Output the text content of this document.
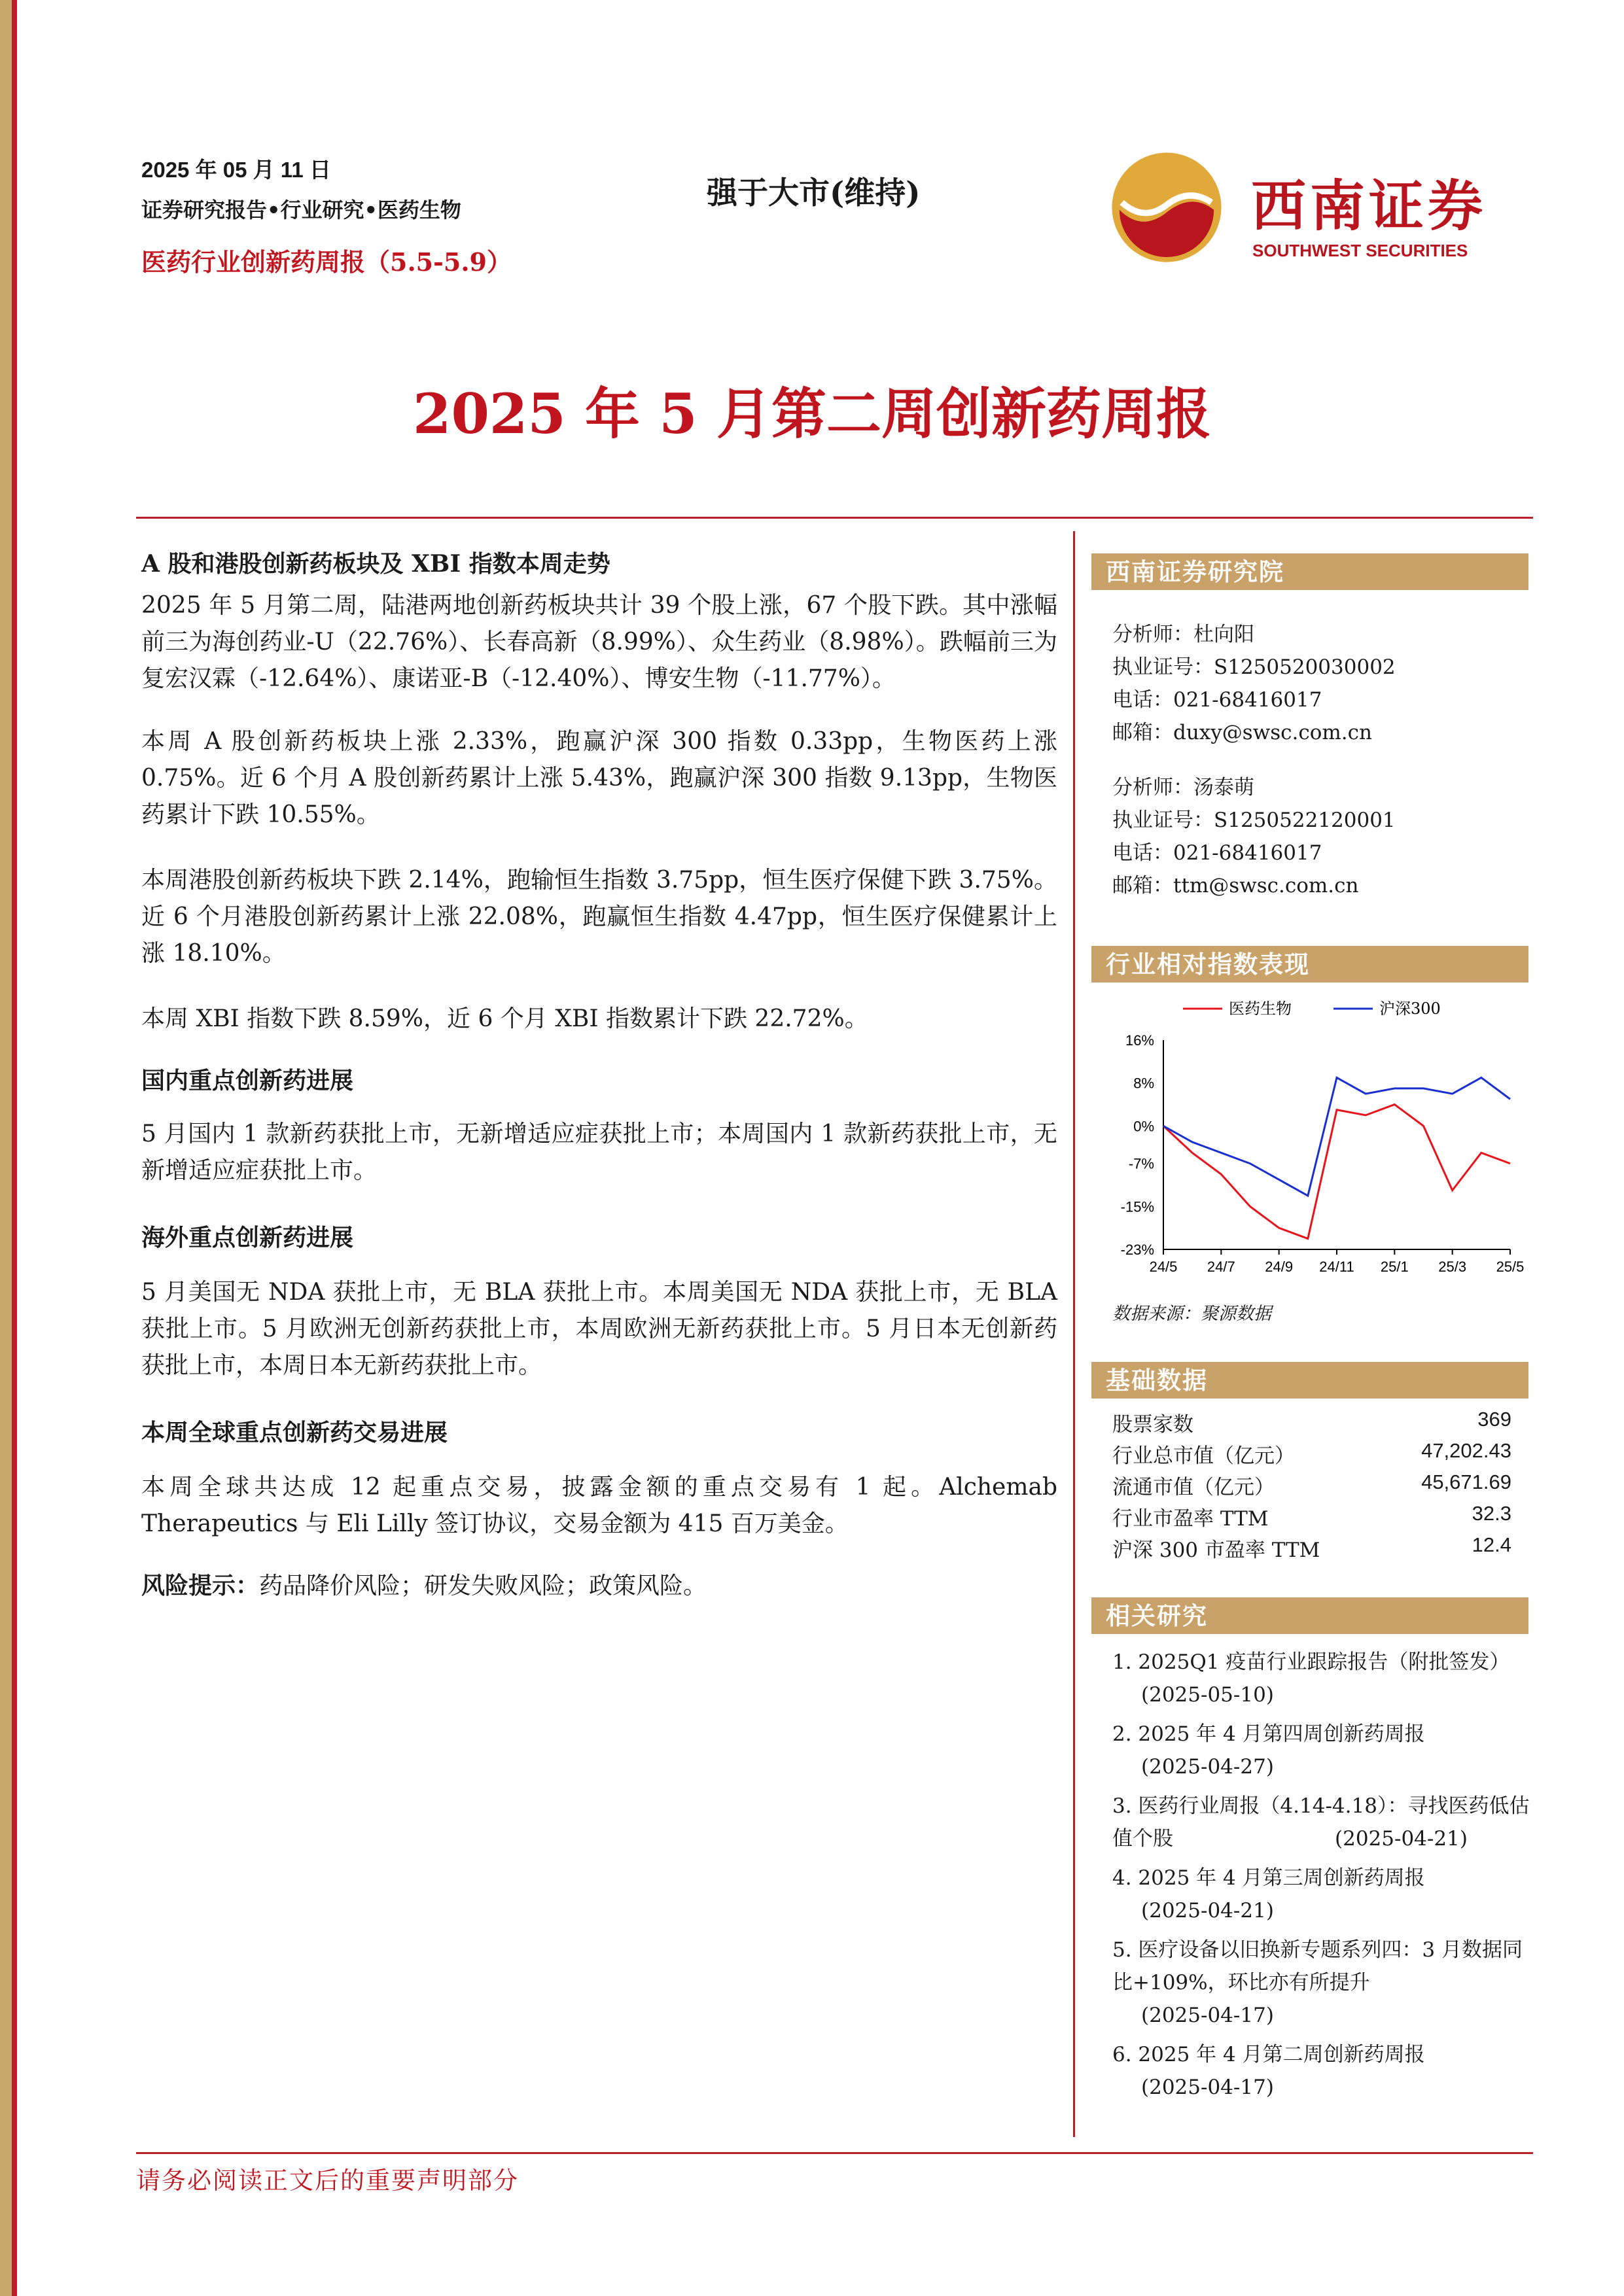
2025 年 05 月 11 日
证券研究报告•行业研究•医药生物
医药行业创新药周报（5.5-5.9）
强于大市(维持)	西南证券
SOUTHWEST SECURITIES
2025 年 5 月第二周创新药周报
A 股和港股创新药板块及 XBI 指数本周走势
2025 年 5 月第二周，陆港两地创新药板块共计 39 个股上涨，67 个股下跌。其中涨幅前三为海创药业-U（22.76%）、长春高新（8.99%）、众生药业（8.98%）。跌幅前三为复宏汉霖（-12.64%）、康诺亚-B（-12.40%）、博安生物（-11.77%）。
本周 A 股创新药板块上涨 2.33%，跑赢沪深 300 指数 0.33pp，生物医药上涨 0.75%。近 6 个月 A 股创新药累计上涨 5.43%，跑赢沪深 300 指数 9.13pp，生物医药累计下跌 10.55%。
本周港股创新药板块下跌 2.14%，跑输恒生指数 3.75pp，恒生医疗保健下跌 3.75%。近 6 个月港股创新药累计上涨 22.08%，跑赢恒生指数 4.47pp，恒生医疗保健累计上涨 18.10%。
本周 XBI 指数下跌 8.59%，近 6 个月 XBI 指数累计下跌 22.72%。
国内重点创新药进展
5 月国内 1 款新药获批上市，无新增适应症获批上市；本周国内 1 款新药获批上市，无新增适应症获批上市。
海外重点创新药进展
5 月美国无 NDA 获批上市，无 BLA 获批上市。本周美国无 NDA 获批上市，无 BLA 获批上市。5 月欧洲无创新药获批上市，本周欧洲无新药获批上市。5 月日本无创新药获批上市，本周日本无新药获批上市。
本周全球重点创新药交易进展
本周全球共达成 12 起重点交易，披露金额的重点交易有 1 起。Alchemab Therapeutics 与 Eli Lilly 签订协议，交易金额为 415 百万美金。
风险提示：药品降价风险；研发失败风险；政策风险。
西南证券研究院
分析师：杜向阳
执业证号：S1250520030002
电话：021-68416017
邮箱：duxy@swsc.com.cn
分析师：汤泰萌
执业证号：S1250522120001
电话：021-68416017
邮箱：ttm@swsc.com.cn
行业相对指数表现
医药生物	沪深300
16%
8%
0%
-7%
-15%
-23%
24/5 24/7 24/9 24/11 25/1 25/3 25/5
数据来源：聚源数据
基础数据
股票家数	369
行业总市值（亿元）	47,202.43
流通市值（亿元）	45,671.69
行业市盈率 TTM	32.3
沪深 300 市盈率 TTM	12.4
相关研究
1. 2025Q1 疫苗行业跟踪报告（附批签发）
(2025-05-10)
2. 2025 年 4 月第四周创新药周报
(2025-04-27)
3. 医药行业周报（4.14-4.18）：寻找医药低估值个股	(2025-04-21)
4. 2025 年 4 月第三周创新药周报
(2025-04-21)
5. 医疗设备以旧换新专题系列四：3 月数据同比+109%，环比亦有所提升
(2025-04-17)
6. 2025 年 4 月第二周创新药周报
(2025-04-17)
请务必阅读正文后的重要声明部分
